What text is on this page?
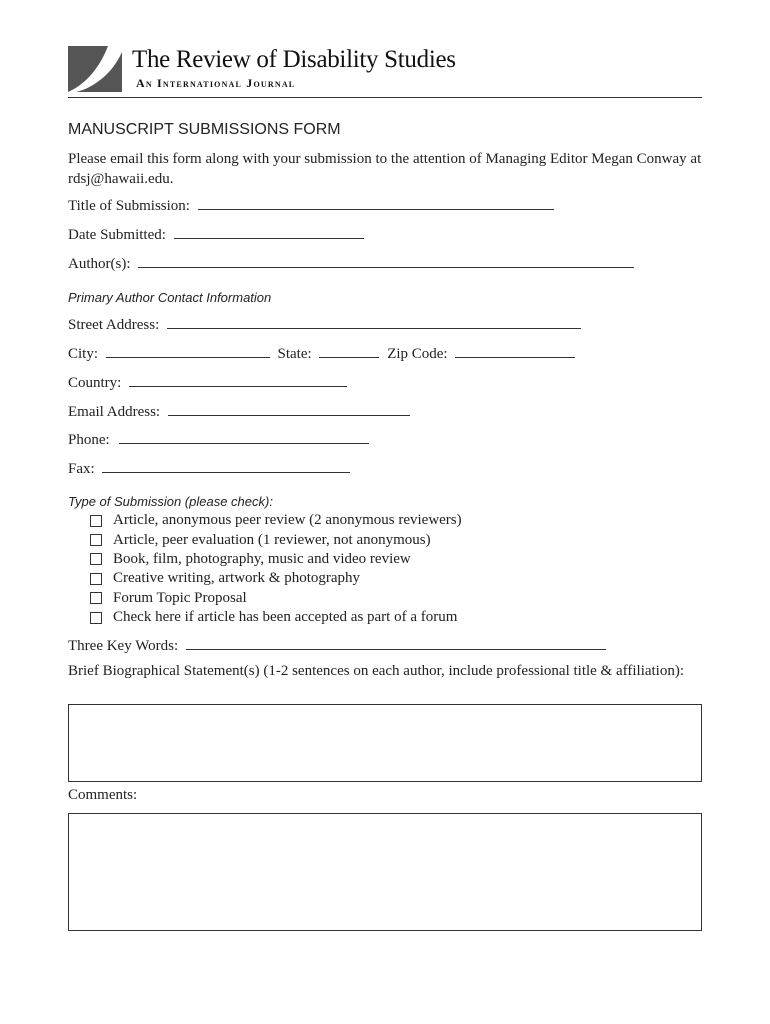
The Review of Disability Studies
An International Journal
MANUSCRIPT SUBMISSIONS FORM
Please email this form along with your submission to the attention of Managing Editor Megan Conway at rdsj@hawaii.edu.
Title of Submission:
Date Submitted:
Author(s):
Primary Author Contact Information
Street Address:
City:	State:	Zip Code:
Country:
Email Address:
Phone:
Fax:
Type of Submission (please check):
Article, anonymous peer review (2 anonymous reviewers)
Article, peer evaluation (1 reviewer, not anonymous)
Book, film, photography, music and video review
Creative writing, artwork & photography
Forum Topic Proposal
Check here if article has been accepted as part of a forum
Three Key Words:
Brief Biographical Statement(s) (1-2 sentences on each author, include professional title & affiliation):
Comments:
